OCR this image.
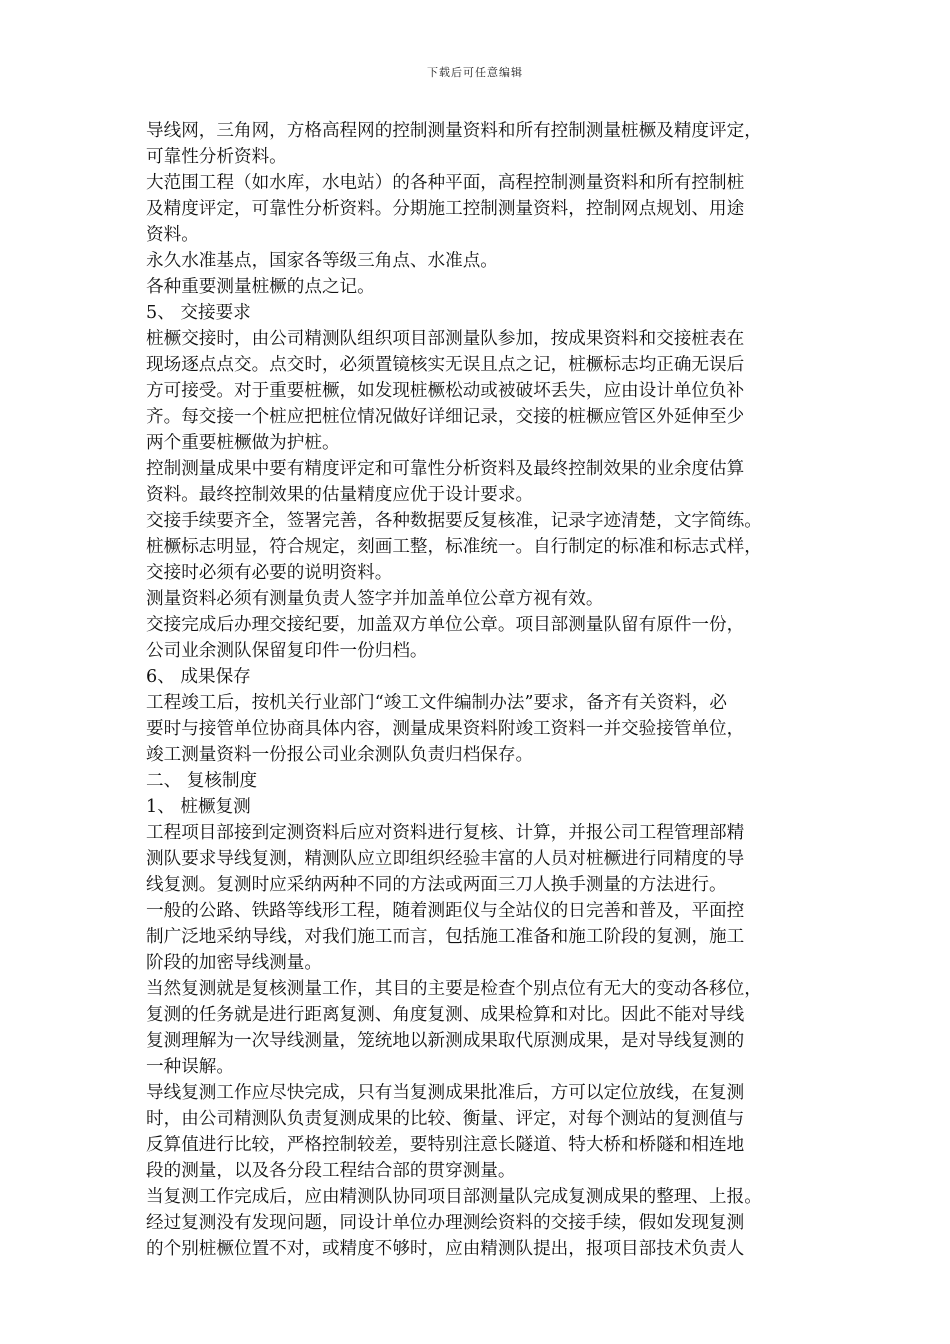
下载后可任意编辑
导线网，三角网，方格高程网的控制测量资料和所有控制测量桩橛及精度评定，
可靠性分析资料。
大范围工程（如水库，水电站）的各种平面，高程控制测量资料和所有控制桩
及精度评定，可靠性分析资料。分期施工控制测量资料，控制网点规划、用途
资料。
永久水准基点，国家各等级三角点、水准点。
各种重要测量桩橛的点之记。
5、 交接要求
桩橛交接时，由公司精测队组织项目部测量队参加，按成果资料和交接桩表在
现场逐点点交。点交时，必须置镜核实无误且点之记，桩橛标志均正确无误后
方可接受。对于重要桩橛，如发现桩橛松动或被破坏丢失，应由设计单位负补
齐。每交接一个桩应把桩位情况做好详细记录，交接的桩橛应管区外延伸至少
两个重要桩橛做为护桩。
控制测量成果中要有精度评定和可靠性分析资料及最终控制效果的业余度估算
资料。最终控制效果的估量精度应优于设计要求。
交接手续要齐全，签署完善，各种数据要反复核准，记录字迹清楚，文字简练。
桩橛标志明显，符合规定，刻画工整，标准统一。自行制定的标准和标志式样，
交接时必须有必要的说明资料。
测量资料必须有测量负责人签字并加盖单位公章方视有效。
交接完成后办理交接纪要，加盖双方单位公章。项目部测量队留有原件一份，
公司业余测队保留复印件一份归档。
6、 成果保存
工程竣工后，按机关行业部门“竣工文件编制办法”要求，备齐有关资料，必
要时与接管单位协商具体内容，测量成果资料附竣工资料一并交验接管单位，
竣工测量资料一份报公司业余测队负责归档保存。
二、 复核制度
1、 桩橛复测
工程项目部接到定测资料后应对资料进行复核、计算，并报公司工程管理部精
测队要求导线复测，精测队应立即组织经验丰富的人员对桩橛进行同精度的导
线复测。复测时应采纳两种不同的方法或两面三刀人换手测量的方法进行。
一般的公路、铁路等线形工程，随着测距仪与全站仪的日完善和普及，平面控
制广泛地采纳导线，对我们施工而言，包括施工准备和施工阶段的复测，施工
阶段的加密导线测量。
当然复测就是复核测量工作，其目的主要是检查个别点位有无大的变动各移位，
复测的任务就是进行距离复测、角度复测、成果检算和对比。因此不能对导线
复测理解为一次导线测量，笼统地以新测成果取代原测成果，是对导线复测的
一种误解。
导线复测工作应尽快完成，只有当复测成果批准后，方可以定位放线，在复测
时，由公司精测队负责复测成果的比较、衡量、评定，对每个测站的复测值与
反算值进行比较，严格控制较差，要特别注意长隧道、特大桥和桥隧和相连地
段的测量，以及各分段工程结合部的贯穿测量。
当复测工作完成后，应由精测队协同项目部测量队完成复测成果的整理、上报。
经过复测没有发现问题，同设计单位办理测绘资料的交接手续，假如发现复测
的个别桩橛位置不对，或精度不够时，应由精测队提出，报项目部技术负责人
